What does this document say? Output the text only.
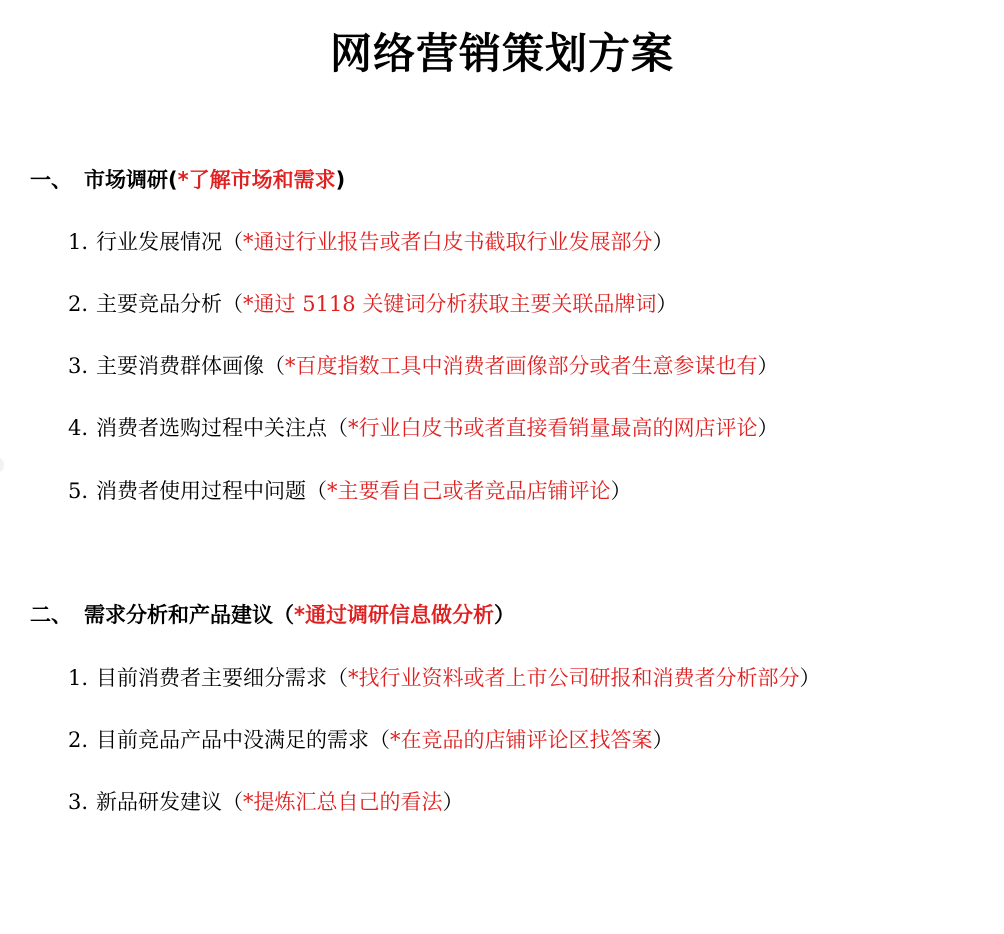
网络营销策划方案
一、 市场调研(*了解市场和需求)
1. 行业发展情况（*通过行业报告或者白皮书截取行业发展部分）
2. 主要竞品分析（*通过 5118 关键词分析获取主要关联品牌词）
3. 主要消费群体画像（*百度指数工具中消费者画像部分或者生意参谋也有）
4. 消费者选购过程中关注点（*行业白皮书或者直接看销量最高的网店评论）
5. 消费者使用过程中问题（*主要看自己或者竞品店铺评论）
二、 需求分析和产品建议（*通过调研信息做分析）
1. 目前消费者主要细分需求（*找行业资料或者上市公司研报和消费者分析部分）
2. 目前竞品产品中没满足的需求（*在竞品的店铺评论区找答案）
3. 新品研发建议（*提炼汇总自己的看法）
